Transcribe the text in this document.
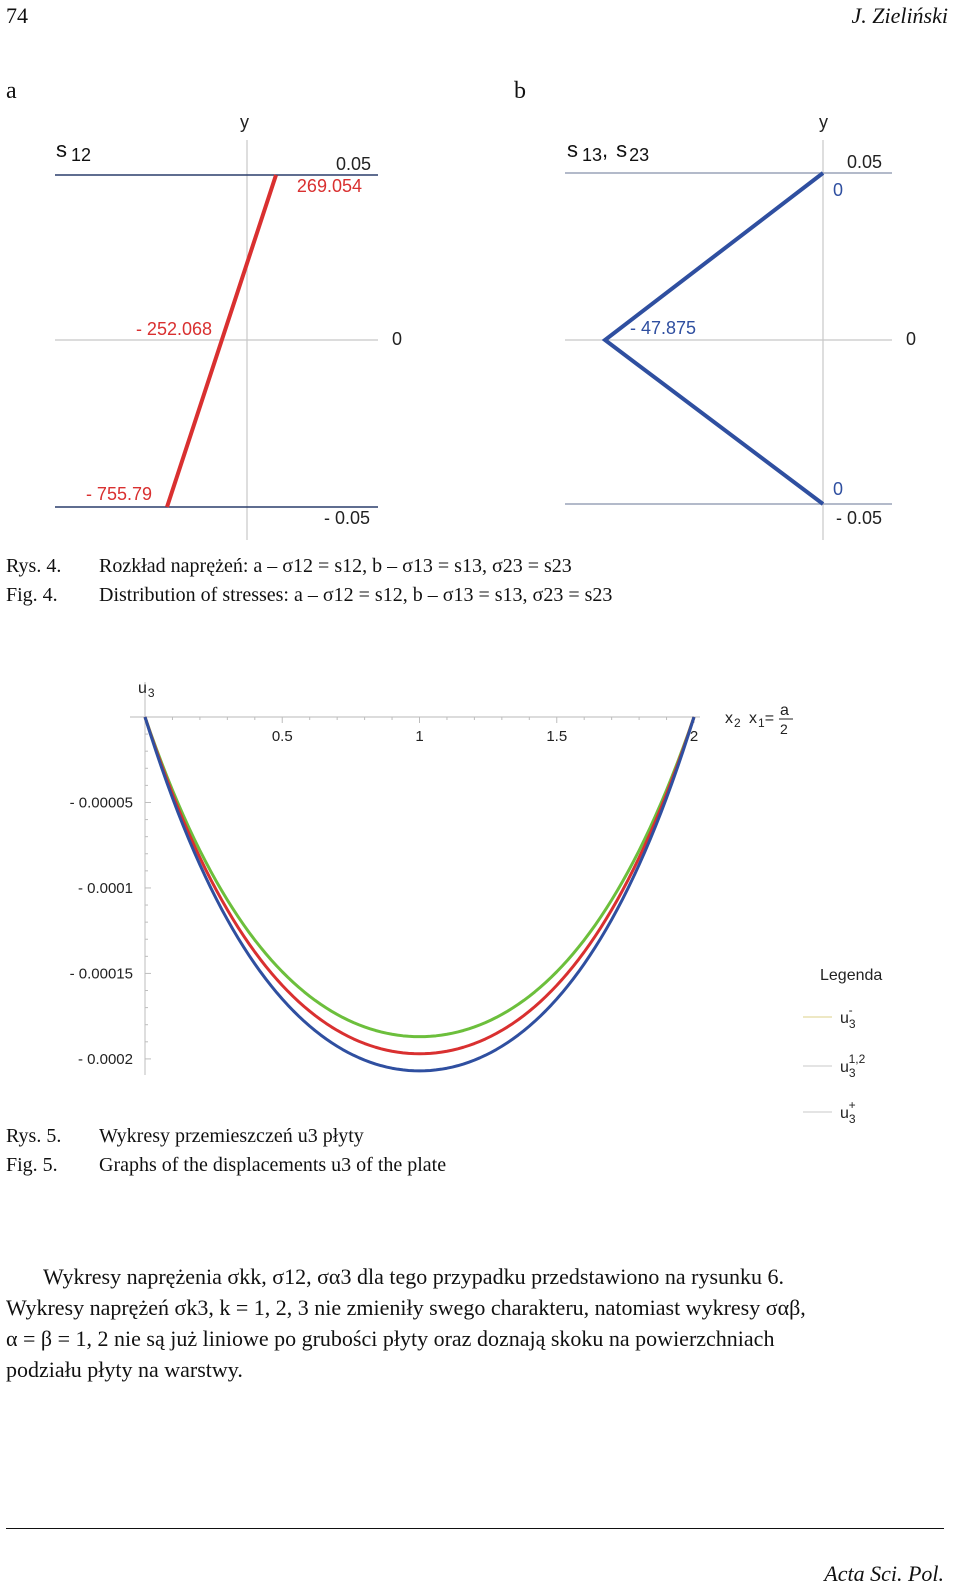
74	J. Zieliński
a	b
y
s 12	0.05
269.054
- 252.068	0
- 755.79
- 0.05
y
s 13, s 23	0.05
0
- 47.875
0
0
- 0.05
Rys. 4. Rozkład naprężeń: a – σ12 = s12, b – σ13 = s13, σ23 = s23
Fig. 4. Distribution of stresses: a – σ12 = s12, b – σ13 = s13, σ23 = s23
0.5	1	1.5	2
- 0.00005
- 0.0001
- 0.00015
- 0.0002
$u_3$
$x_2$ $x_1= a$
2
Legenda
$u_3-$
$u_31,2$
$u_3+$
Rys. 5. Wykresy przemieszczeń u3 płyty
Fig. 5. Graphs of the displacements u3 of the plate
Wykresy naprężenia σkk, σ12, σα3 dla tego przypadku przedstawiono na rysunku 6.
Wykresy naprężeń σk3, k = 1, 2, 3 nie zmieniły swego charakteru, natomiast wykresy σαβ,
α = β = 1, 2 nie są już liniowe po grubości płyty oraz doznają skoku na powierzchniach
podziału płyty na warstwy.
Acta Sci. Pol.
